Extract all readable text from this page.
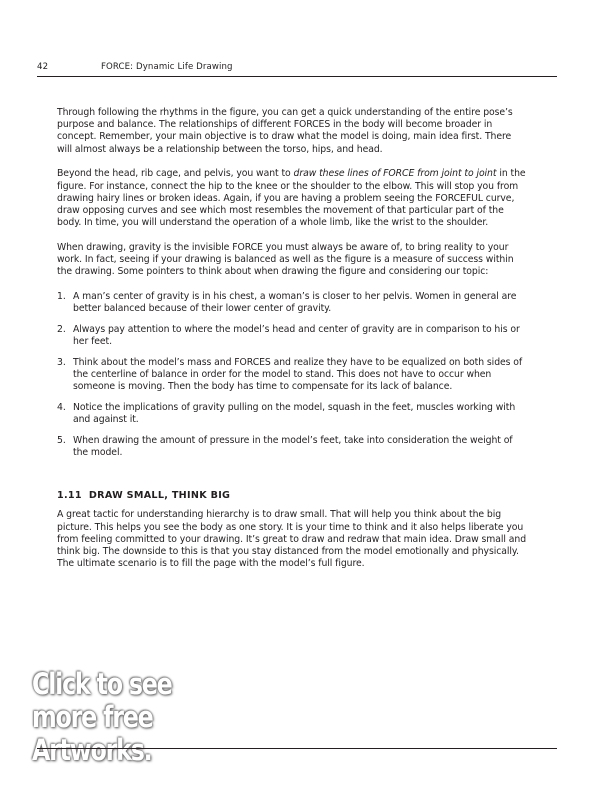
42	FORCE: Dynamic Life Drawing

Through following the rhythms in the figure, you can get a quick understanding of the entire pose’s purpose and balance. The relationships of different FORCES in the body will become broader in concept. Remember, your main objective is to draw what the model is doing, main idea first. There will almost always be a relationship between the torso, hips, and head.

Beyond the head, rib cage, and pelvis, you want to draw these lines of FORCE from joint to joint in the figure. For instance, connect the hip to the knee or the shoulder to the elbow. This will stop you from drawing hairy lines or broken ideas. Again, if you are having a problem seeing the FORCEFUL curve, draw opposing curves and see which most resembles the movement of that particular part of the body. In time, you will understand the operation of a whole limb, like the wrist to the shoulder.

When drawing, gravity is the invisible FORCE you must always be aware of, to bring reality to your work. In fact, seeing if your drawing is balanced as well as the figure is a measure of success within the drawing. Some pointers to think about when drawing the figure and considering our topic:

1. A man’s center of gravity is in his chest, a woman’s is closer to her pelvis. Women in general are better balanced because of their lower center of gravity.
2. Always pay attention to where the model’s head and center of gravity are in comparison to his or her feet.
3. Think about the model’s mass and FORCES and realize they have to be equalized on both sides of the centerline of balance in order for the model to stand. This does not have to occur when someone is moving. Then the body has time to compensate for its lack of balance.
4. Notice the implications of gravity pulling on the model, squash in the feet, muscles working with and against it.
5. When drawing the amount of pressure in the model’s feet, take into consideration the weight of the model.
1.11 DRAW SMALL, THINK BIG

A great tactic for understanding hierarchy is to draw small. That will help you think about the big picture. This helps you see the body as one story. It is your time to think and it also helps liberate you from feeling committed to your drawing. It’s great to draw and redraw that main idea. Draw small and think big. The downside to this is that you stay distanced from the model emotionally and physically. The ultimate scenario is to fill the page with the model’s full figure.

Click to see
more free Artworks.
